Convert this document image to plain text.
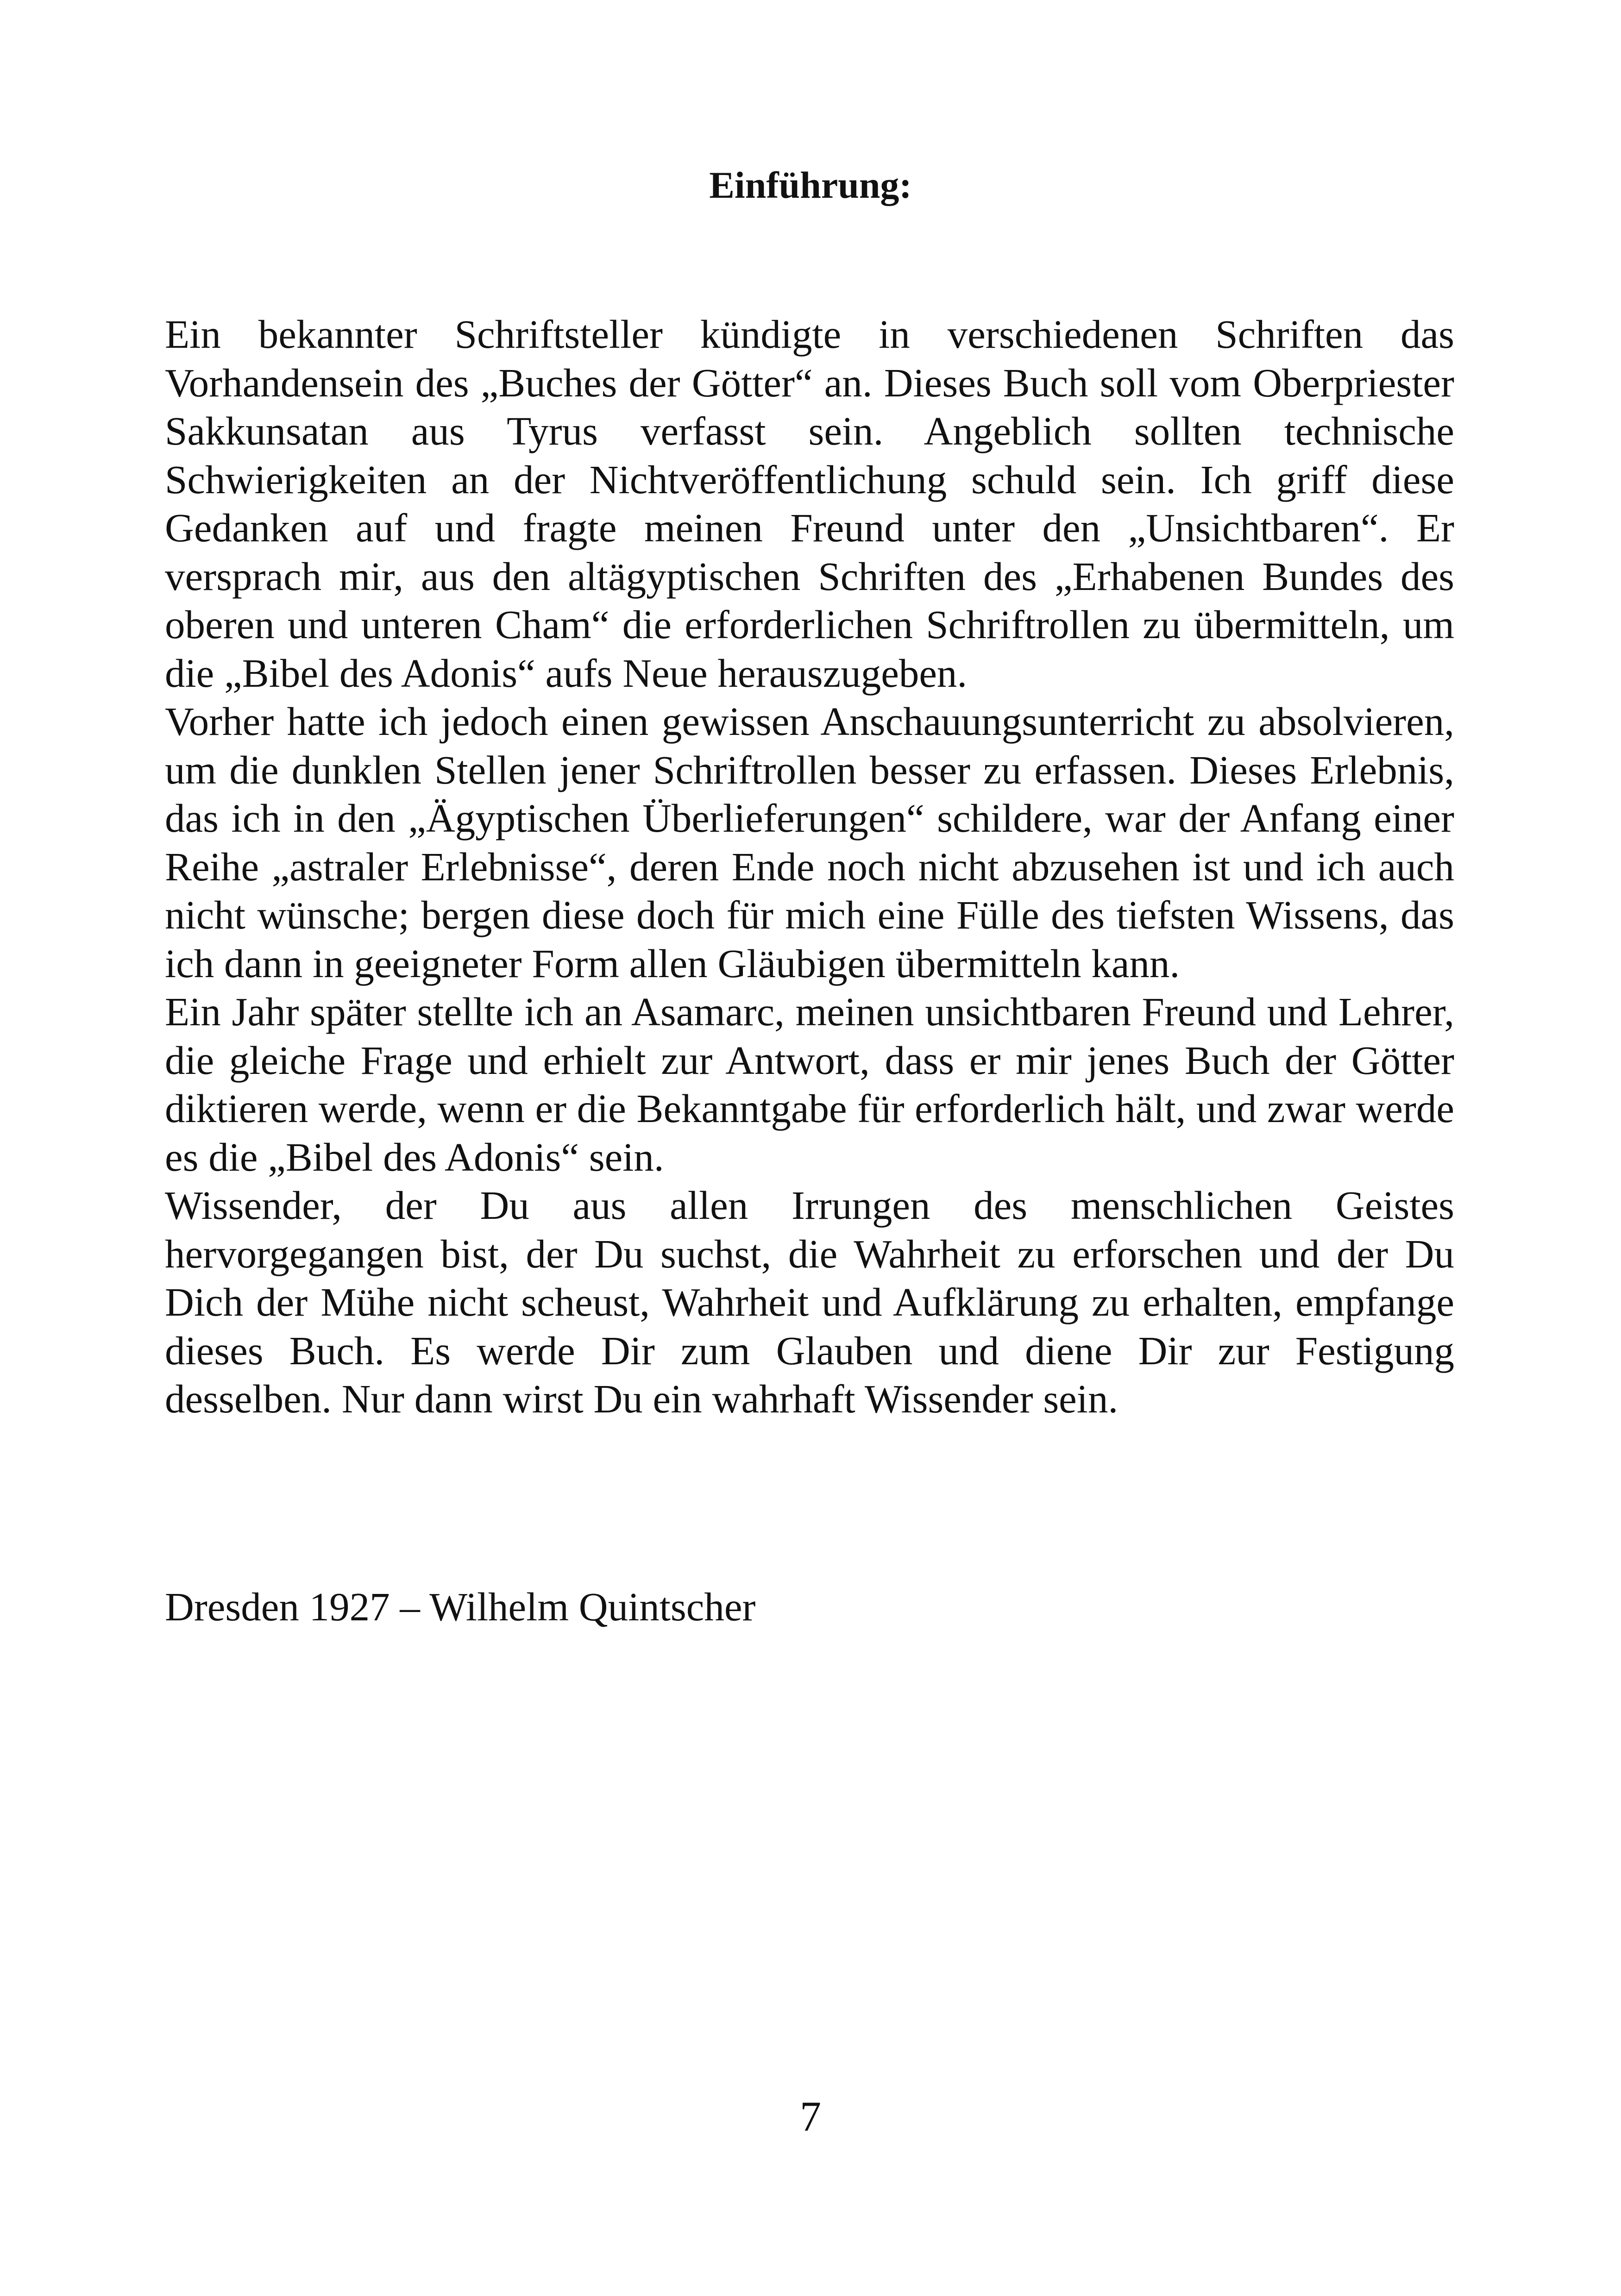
Einführung:

Ein bekannter Schriftsteller kündigte in verschiedenen Schriften das Vorhandensein des „Buches der Götter“ an. Dieses Buch soll vom Oberpriester Sakkunsatan aus Tyrus verfasst sein. Angeblich sollten technische Schwierigkeiten an der Nichtveröffentlichung schuld sein. Ich griff diese Gedanken auf und fragte meinen Freund unter den „Unsichtbaren“. Er versprach mir, aus den altägyptischen Schriften des „Erhabenen Bundes des oberen und unteren Cham“ die erforderlichen Schriftrollen zu übermitteln, um die „Bibel des Adonis“ aufs Neue herauszugeben.

Vorher hatte ich jedoch einen gewissen Anschauungsunterricht zu absolvieren, um die dunklen Stellen jener Schriftrollen besser zu erfassen. Dieses Erlebnis, das ich in den „Ägyptischen Überlieferungen“ schildere, war der Anfang einer Reihe „astraler Erlebnisse“, deren Ende noch nicht abzusehen ist und ich auch nicht wünsche; bergen diese doch für mich eine Fülle des tiefsten Wissens, das ich dann in geeigneter Form allen Gläubigen übermitteln kann.

Ein Jahr später stellte ich an Asamarc, meinen unsichtbaren Freund und Lehrer, die gleiche Frage und erhielt zur Antwort, dass er mir jenes Buch der Götter diktieren werde, wenn er die Bekanntgabe für erforderlich hält, und zwar werde es die „Bibel des Adonis“ sein.

Wissender, der Du aus allen Irrungen des menschlichen Geistes hervorgegangen bist, der Du suchst, die Wahrheit zu erforschen und der Du Dich der Mühe nicht scheust, Wahrheit und Aufklärung zu erhalten, empfange dieses Buch. Es werde Dir zum Glauben und diene Dir zur Festigung desselben. Nur dann wirst Du ein wahrhaft Wissender sein.

Dresden 1927 – Wilhelm Quintscher
7
